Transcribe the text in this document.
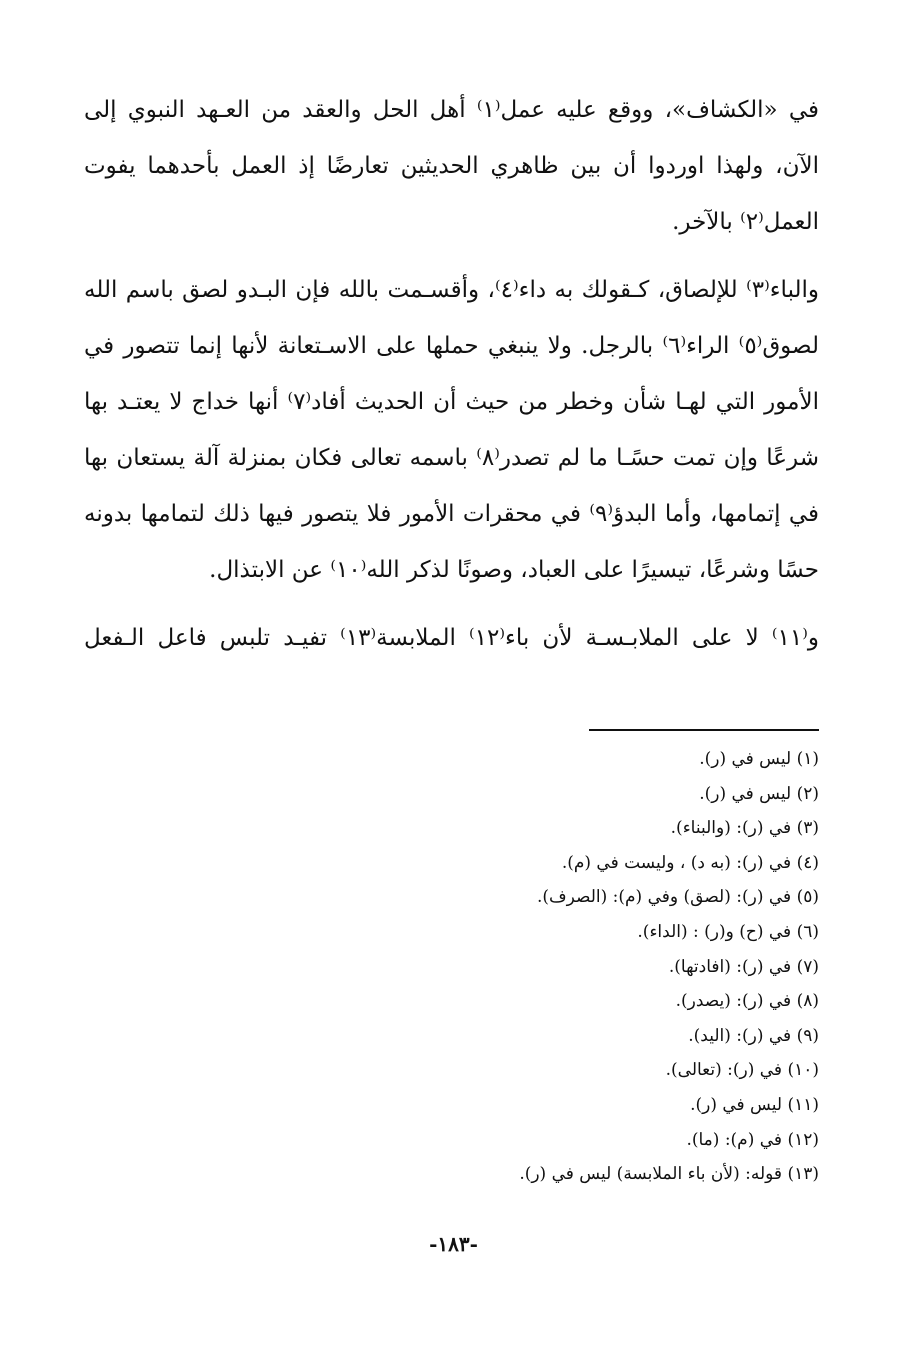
في «الكشاف»، ووقع عليه عمل⁽١⁾ أهل الحل والعقد من العـهد النبوي إلى الآن، ولهذا اوردوا أن بين ظاهري الحديثين تعارضًا إذ العمل بأحدهما يفوت العمل⁽٢⁾ بالآخر.

والباء⁽٣⁾ للإلصاق، كـقولك به داء⁽٤⁾، وأقسـمت بالله فإن البـدو لصق باسم الله لصوق⁽٥⁾ الراء⁽٦⁾ بالرجل. ولا ينبغي حملها على الاسـتعانة لأنها إنما تتصور في الأمور التي لهـا شأن وخطر من حيث أن الحديث أفاد⁽٧⁾ أنها خداج لا يعتـد بها شرعًا وإن تمت حسًـا ما لم تصدر⁽٨⁾ باسمه تعالى فكان بمنزلة آلة يستعان بها في إتمامها، وأما البدؤ⁽٩⁾ في محقرات الأمور فلا يتصور فيها ذلك لتمامها بدونه حسًا وشرعًا، تيسيرًا على العباد، وصونًا لذكر الله⁽١٠⁾ عن الابتذال.

و⁽١١⁾ لا على الملابـسـة لأن باء⁽١٢⁾ الملابسة⁽١٣⁾ تفيـد تلبس فاعل الـفعل

(١) ليس في (ر).
(٢) ليس في (ر).
(٣) في (ر): (والبناء).
(٤) في (ر): (به د) ، وليست في (م).
(٥) في (ر): (لصق) وفي (م): (الصرف).
(٦) في (ح) و(ر) : (الداء).
(٧) في (ر): (افادتها).
(٨) في (ر): (يصدر).
(٩) في (ر): (اليد).
(١٠) في (ر): (تعالى).
(١١) ليس في (ر).
(١٢) في (م): (ما).
(١٣) قوله: (لأن باء الملابسة) ليس في (ر).
-١٨٣-
